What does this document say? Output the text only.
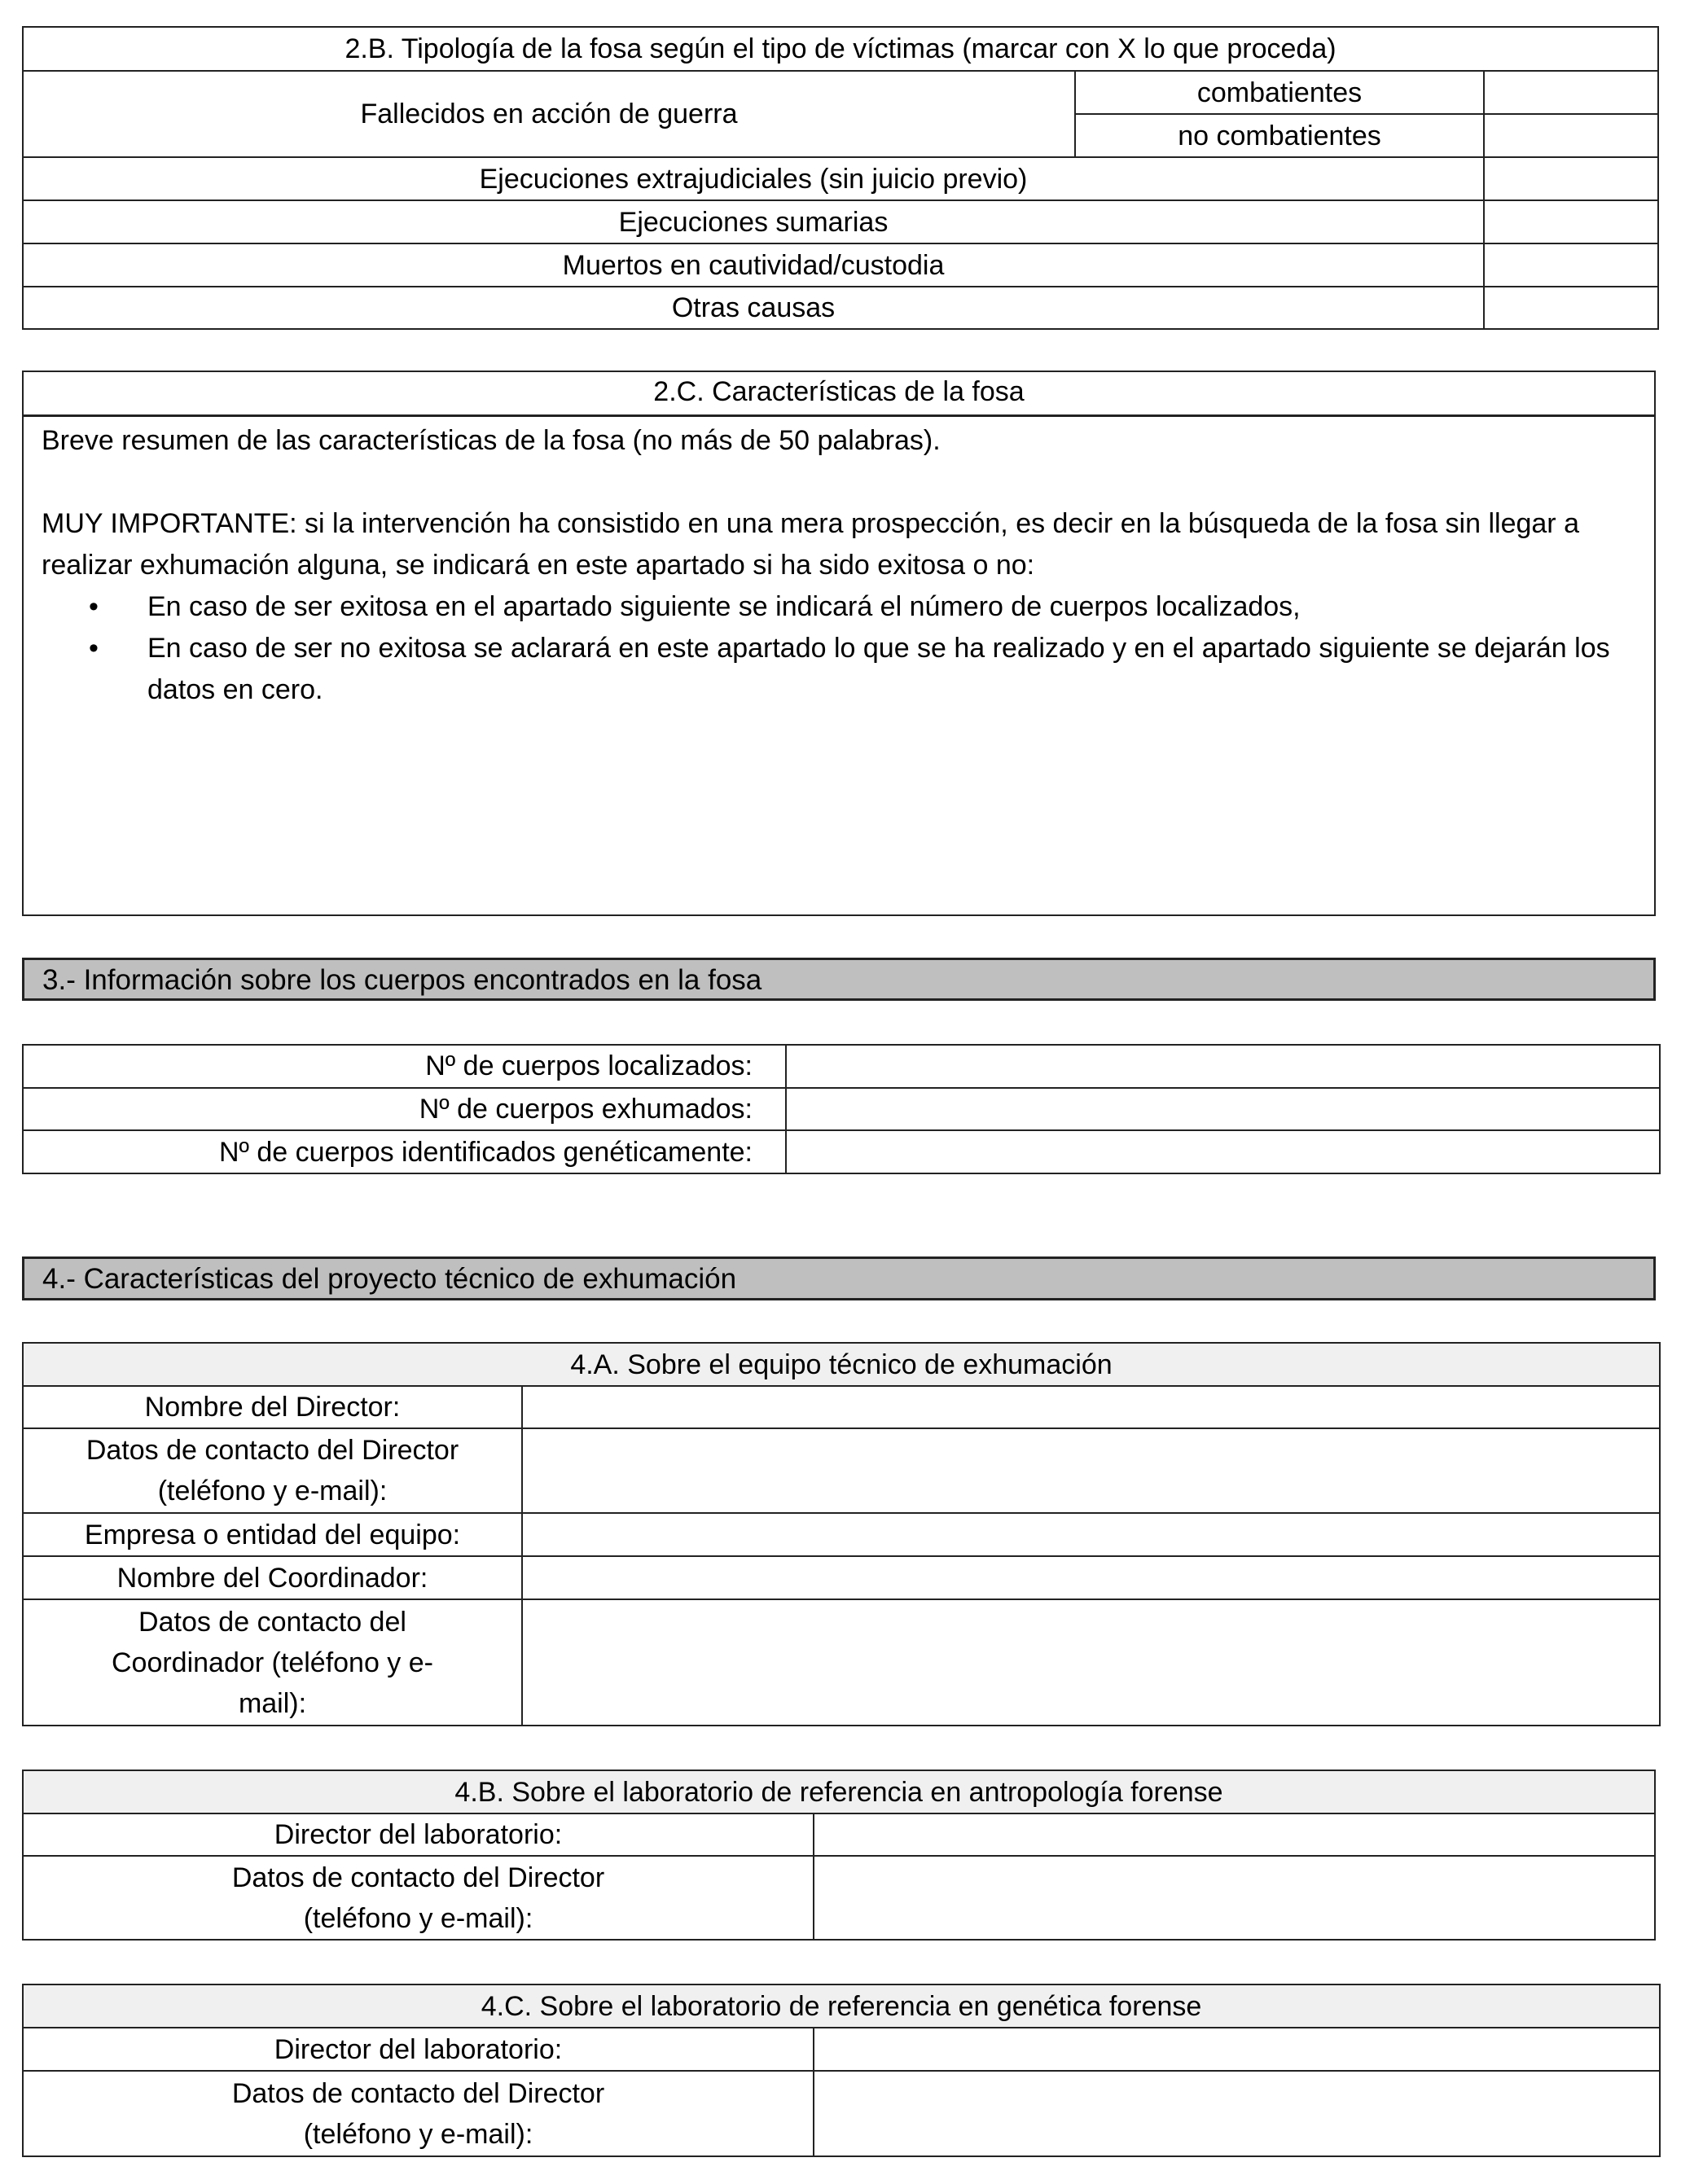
2.B. Tipología de la fosa según el tipo de víctimas (marcar con X lo que proceda)		
Fallecidos en acción de guerra	combatientes	
	no combatientes	
Ejecuciones extrajudiciales (sin juicio previo)		
Ejecuciones sumarias		
Muertos en cautividad/custodia		
Otras causas		
2.C. Características de la fosa

Breve resumen de las características de la fosa (no más de 50 palabras).

MUY IMPORTANTE: si la intervención ha consistido en una mera prospección, es decir en la búsqueda de la fosa sin llegar a realizar exhumación alguna, se indicará en este apartado si ha sido exitosa o no:

• En caso de ser exitosa en el apartado siguiente se indicará el número de cuerpos localizados,
• En caso de ser no exitosa se aclarará en este apartado lo que se ha realizado y en el apartado siguiente se dejarán los datos en cero.
3.- Información sobre los cuerpos encontrados en la fosa
Nº de cuerpos localizados:	
Nº de cuerpos exhumados:	
Nº de cuerpos identificados genéticamente:	
4.- Características del proyecto técnico de exhumación
4.A. Sobre el equipo técnico de exhumación	
Nombre del Director:	
Datos de contacto del Director (teléfono y e-mail):	
Empresa o entidad del equipo:	
Nombre del Coordinador:	
Datos de contacto del Coordinador (teléfono y e-mail):	
4.B. Sobre el laboratorio de referencia en antropología forense	
Director del laboratorio:	
Datos de contacto del Director (teléfono y e-mail):	
4.C. Sobre el laboratorio de referencia en genética forense	
Director del laboratorio:	
Datos de contacto del Director (teléfono y e-mail):	
